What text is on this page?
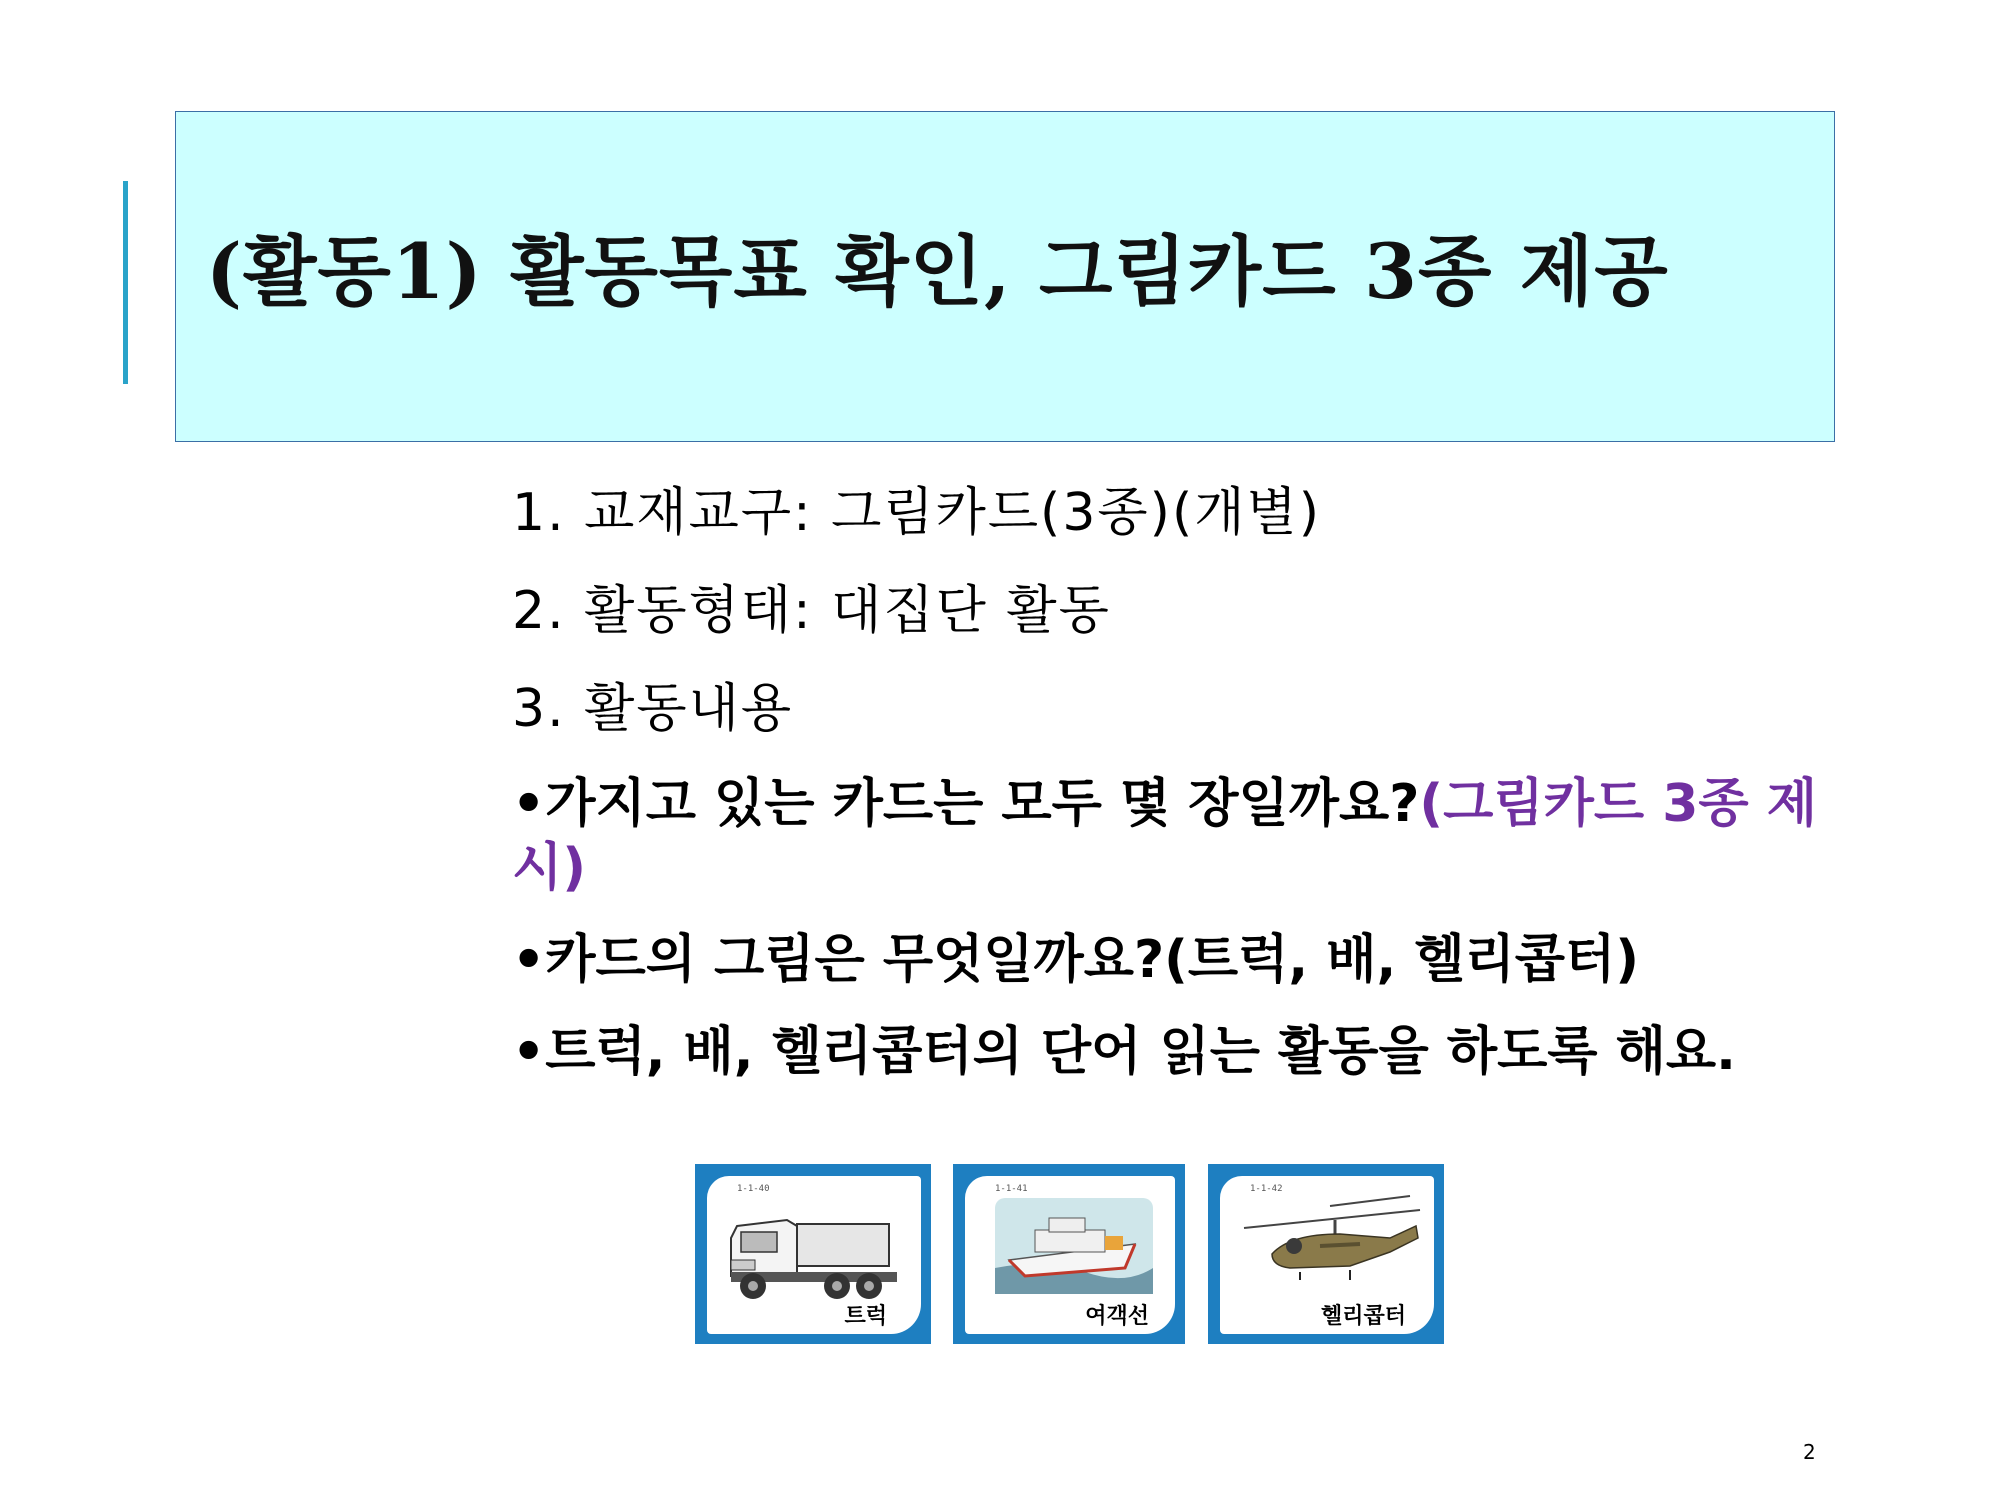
(활동1) 활동목표 확인, 그림카드 3종 제공
1. 교재교구: 그림카드(3종)(개별)
2. 활동형태: 대집단 활동
3. 활동내용
•가지고 있는 카드는 모두 몇 장일까요?(그림카드 3종 제시)
•카드의 그림은 무엇일까요?(트럭, 배, 헬리콥터)
•트럭, 배, 헬리콥터의 단어 읽는 활동을 하도록 해요.
1-1-40
트럭
1-1-41
여객선
1-1-42
헬리콥터
2
